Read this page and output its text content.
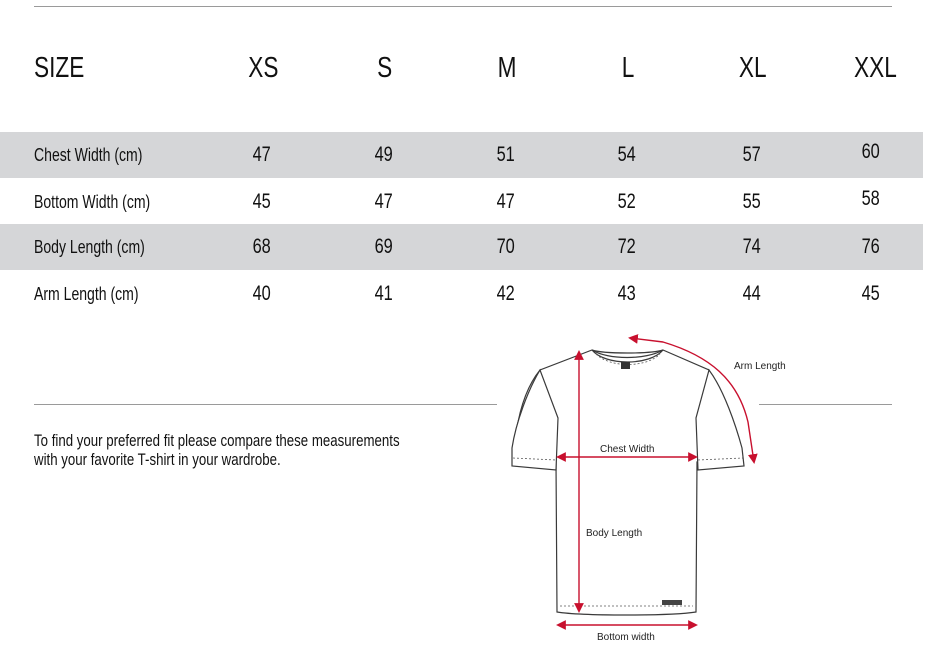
SIZE	XS	S	M	L	XL	XXL
Chest Width (cm)	47	49	51	54	57	60
Bottom Width (cm)	45	47	47	52	55	58
Body Length (cm)	68	69	70	72	74	76
Arm Length (cm)	40	41	42	43	44	45
To find your preferred fit please compare these measurements
with your favorite T-shirt in your wardrobe.
Arm Length
Chest Width
Body Length
Bottom width
